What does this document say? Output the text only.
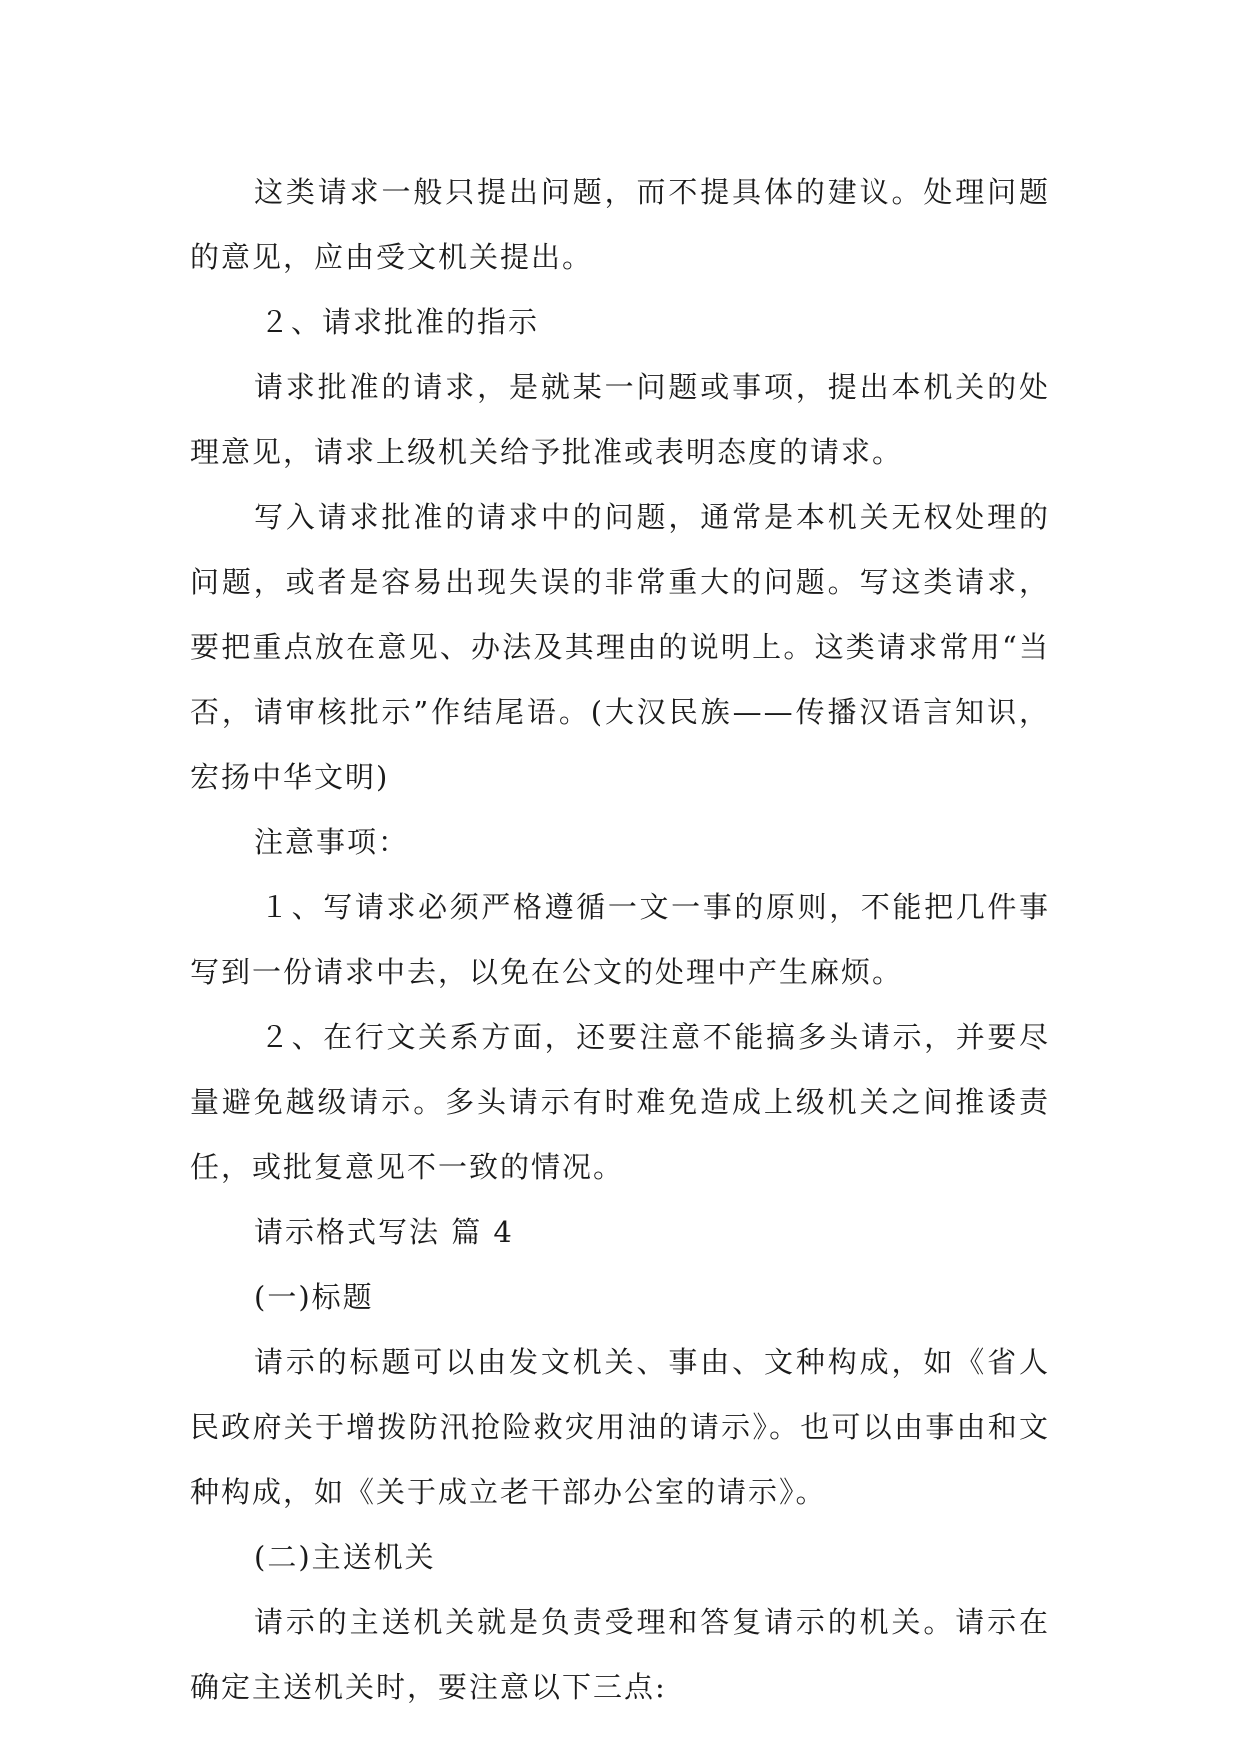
这类请求一般只提出问题，而不提具体的建议。处理问题的意见，应由受文机关提出。

２、请求批准的指示

请求批准的请求，是就某一问题或事项，提出本机关的处理意见，请求上级机关给予批准或表明态度的请求。

写入请求批准的请求中的问题，通常是本机关无权处理的问题，或者是容易出现失误的非常重大的问题。写这类请求，要把重点放在意见、办法及其理由的说明上。这类请求常用“当否，请审核批示”作结尾语。(大汉民族——传播汉语言知识，宏扬中华文明)

注意事项：

１、写请求必须严格遵循一文一事的原则，不能把几件事写到一份请求中去，以免在公文的处理中产生麻烦。

２、在行文关系方面，还要注意不能搞多头请示，并要尽量避免越级请示。多头请示有时难免造成上级机关之间推诿责任，或批复意见不一致的情况。

请示格式写法 篇 4

(一)标题

请示的标题可以由发文机关、事由、文种构成，如《省人民政府关于增拨防汛抢险救灾用油的请示》。也可以由事由和文种构成，如《关于成立老干部办公室的请示》。

(二)主送机关

请示的主送机关就是负责受理和答复请示的机关。请示在确定主送机关时，要注意以下三点:
